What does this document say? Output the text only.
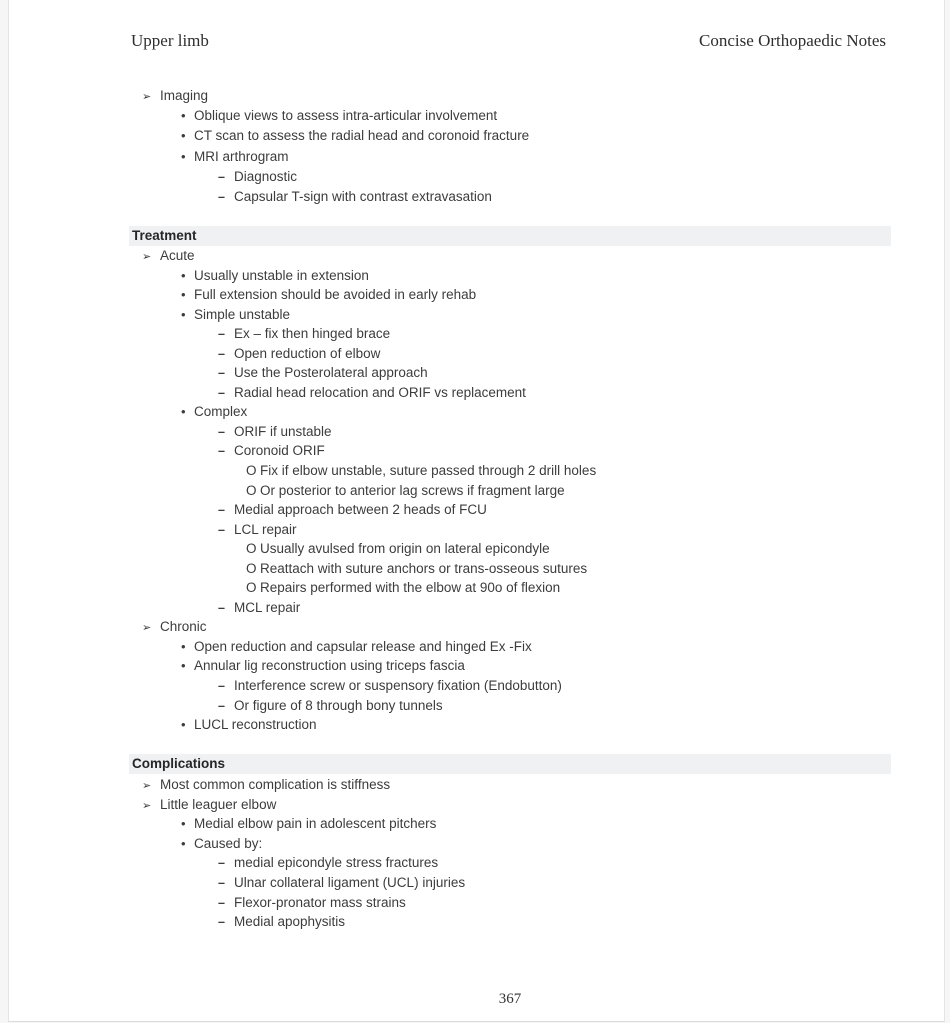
Upper limb	Concise Orthopaedic Notes
➢ Imaging
• Oblique views to assess intra-articular involvement
• CT scan to assess the radial head and coronoid fracture
• MRI arthrogram
– Diagnostic
– Capsular T-sign with contrast extravasation
Treatment
➢ Acute
• Usually unstable in extension
• Full extension should be avoided in early rehab
• Simple unstable
– Ex – fix then hinged brace
– Open reduction of elbow
– Use the Posterolateral approach
– Radial head relocation and ORIF vs replacement
• Complex
– ORIF if unstable
– Coronoid ORIF
O Fix if elbow unstable, suture passed through 2 drill holes
O Or posterior to anterior lag screws if fragment large
– Medial approach between 2 heads of FCU
– LCL repair
O Usually avulsed from origin on lateral epicondyle
O Reattach with suture anchors or trans-osseous sutures
O Repairs performed with the elbow at 90o of flexion
– MCL repair
➢ Chronic
• Open reduction and capsular release and hinged Ex -Fix
• Annular lig reconstruction using triceps fascia
– Interference screw or suspensory fixation (Endobutton)
– Or figure of 8 through bony tunnels
• LUCL reconstruction
Complications
➢ Most common complication is stiffness
➢ Little leaguer elbow
• Medial elbow pain in adolescent pitchers
• Caused by:
– medial epicondyle stress fractures
– Ulnar collateral ligament (UCL) injuries
– Flexor-pronator mass strains
– Medial apophysitis
367
